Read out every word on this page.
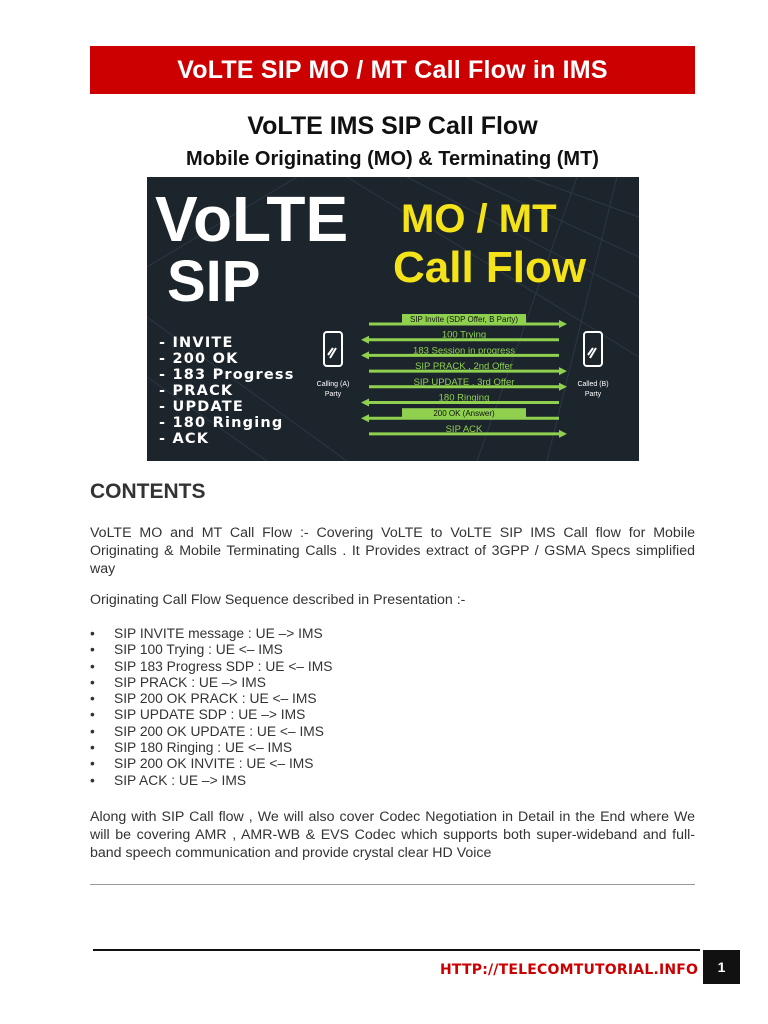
VoLTE SIP MO / MT Call Flow in IMS
VoLTE IMS SIP Call Flow
Mobile Originating (MO) & Terminating (MT)
VoLTE
SIP
MO / MT
Call Flow
- INVITE
- 200 OK
- 183 Progress
- PRACK
- UPDATE
- 180 Ringing
- ACK
Calling (A)
Party
Called (B)
Party
SIP Invite (SDP Offer, B Party)
100 Trying
183 Session in progress
SIP PRACK , 2nd Offer
SIP UPDATE , 3rd Offer
180 Ringing
200 OK (Answer)
SIP ACK
CONTENTS
VoLTE MO and MT Call Flow :- Covering VoLTE to VoLTE SIP IMS Call flow for Mobile Originating & Mobile Terminating Calls . It Provides extract of 3GPP / GSMA Specs simplified way
Originating Call Flow Sequence described in Presentation :-
•	SIP INVITE message : UE –> IMS
•	SIP 100 Trying : UE <– IMS
•	SIP 183 Progress SDP : UE <– IMS
•	SIP PRACK : UE –> IMS
•	SIP 200 OK PRACK : UE <– IMS
•	SIP UPDATE SDP : UE –> IMS
•	SIP 200 OK UPDATE : UE <– IMS
•	SIP 180 Ringing : UE <– IMS
•	SIP 200 OK INVITE : UE <– IMS
•	SIP ACK : UE –> IMS
Along with SIP Call flow , We will also cover Codec Negotiation in Detail in the End where We will be covering AMR , AMR-WB & EVS Codec which supports both super-wideband and full-band speech communication and provide crystal clear HD Voice
HTTP://TELECOMTUTORIAL.INFO	1
